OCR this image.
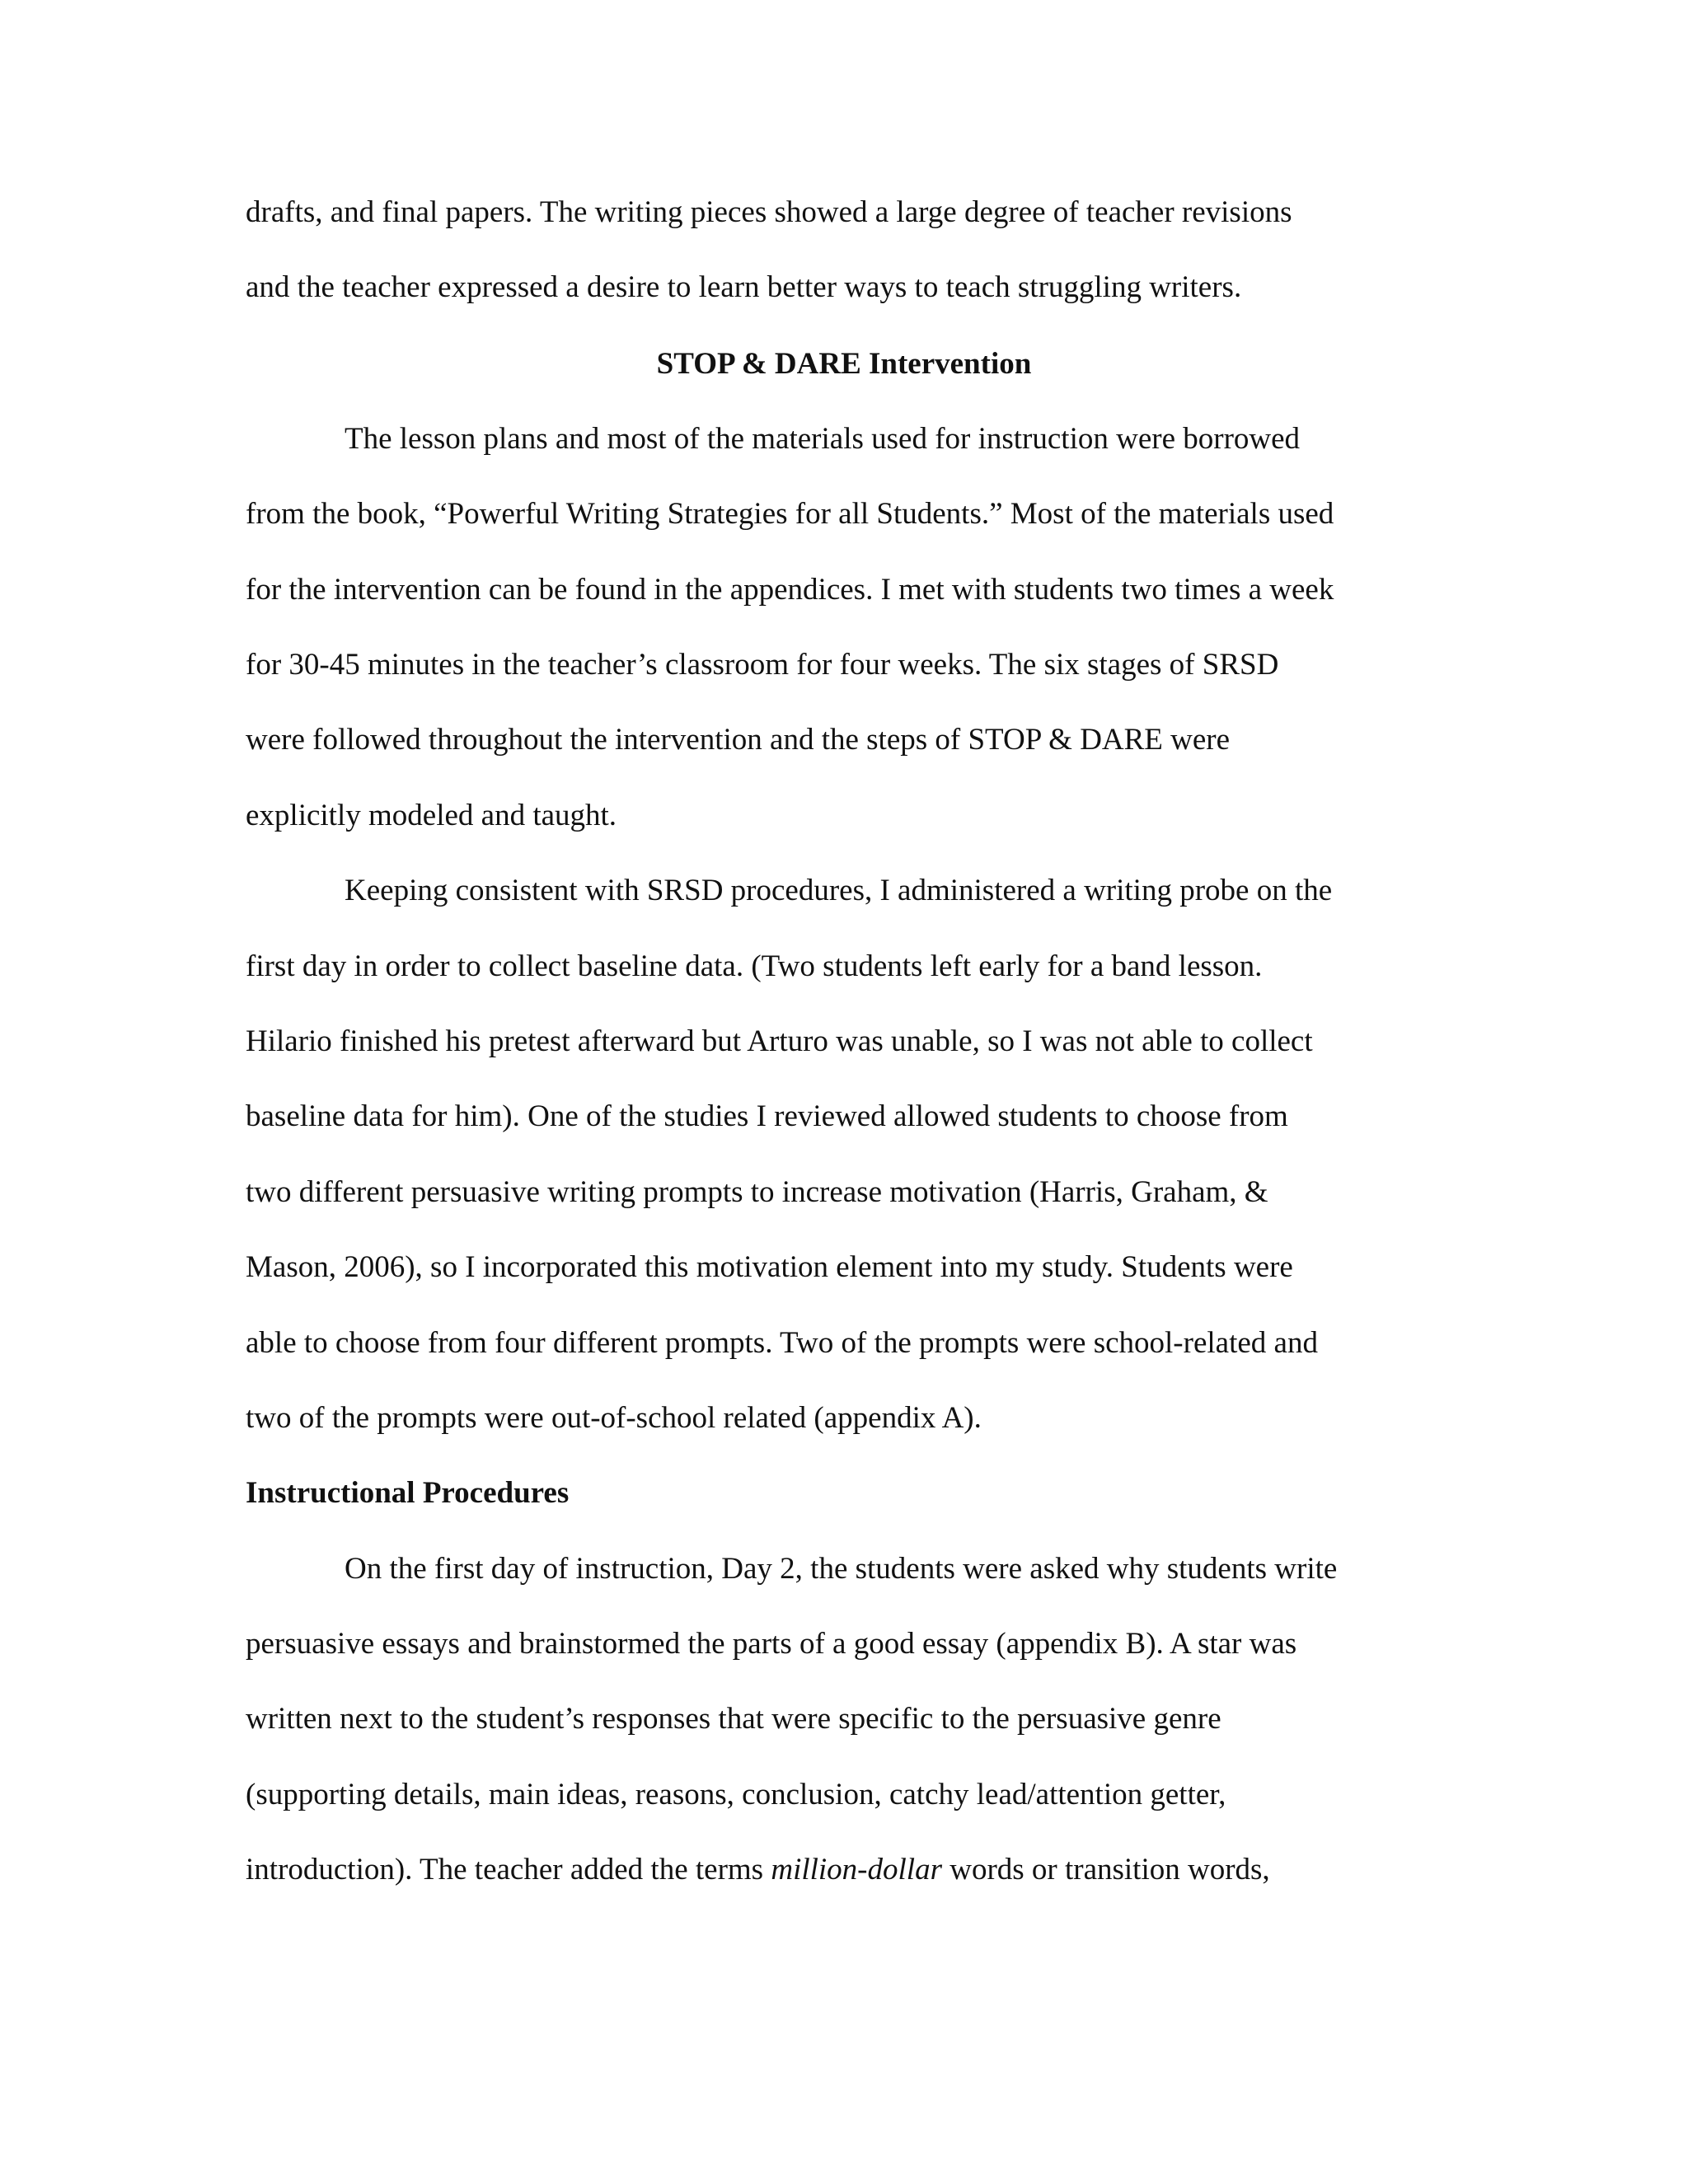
drafts, and final papers. The writing pieces showed a large degree of teacher revisions
and the teacher expressed a desire to learn better ways to teach struggling writers.
STOP & DARE Intervention
The lesson plans and most of the materials used for instruction were borrowed
from the book, “Powerful Writing Strategies for all Students.” Most of the materials used
for the intervention can be found in the appendices. I met with students two times a week
for 30-45 minutes in the teacher’s classroom for four weeks. The six stages of SRSD
were followed throughout the intervention and the steps of STOP & DARE were
explicitly modeled and taught.
Keeping consistent with SRSD procedures, I administered a writing probe on the
first day in order to collect baseline data. (Two students left early for a band lesson.
Hilario finished his pretest afterward but Arturo was unable, so I was not able to collect
baseline data for him). One of the studies I reviewed allowed students to choose from
two different persuasive writing prompts to increase motivation (Harris, Graham, &
Mason, 2006), so I incorporated this motivation element into my study. Students were
able to choose from four different prompts. Two of the prompts were school-related and
two of the prompts were out-of-school related (appendix A).
Instructional Procedures
On the first day of instruction, Day 2, the students were asked why students write
persuasive essays and brainstormed the parts of a good essay (appendix B). A star was
written next to the student’s responses that were specific to the persuasive genre
(supporting details, main ideas, reasons, conclusion, catchy lead/attention getter,
introduction). The teacher added the terms million-dollar words or transition words,
